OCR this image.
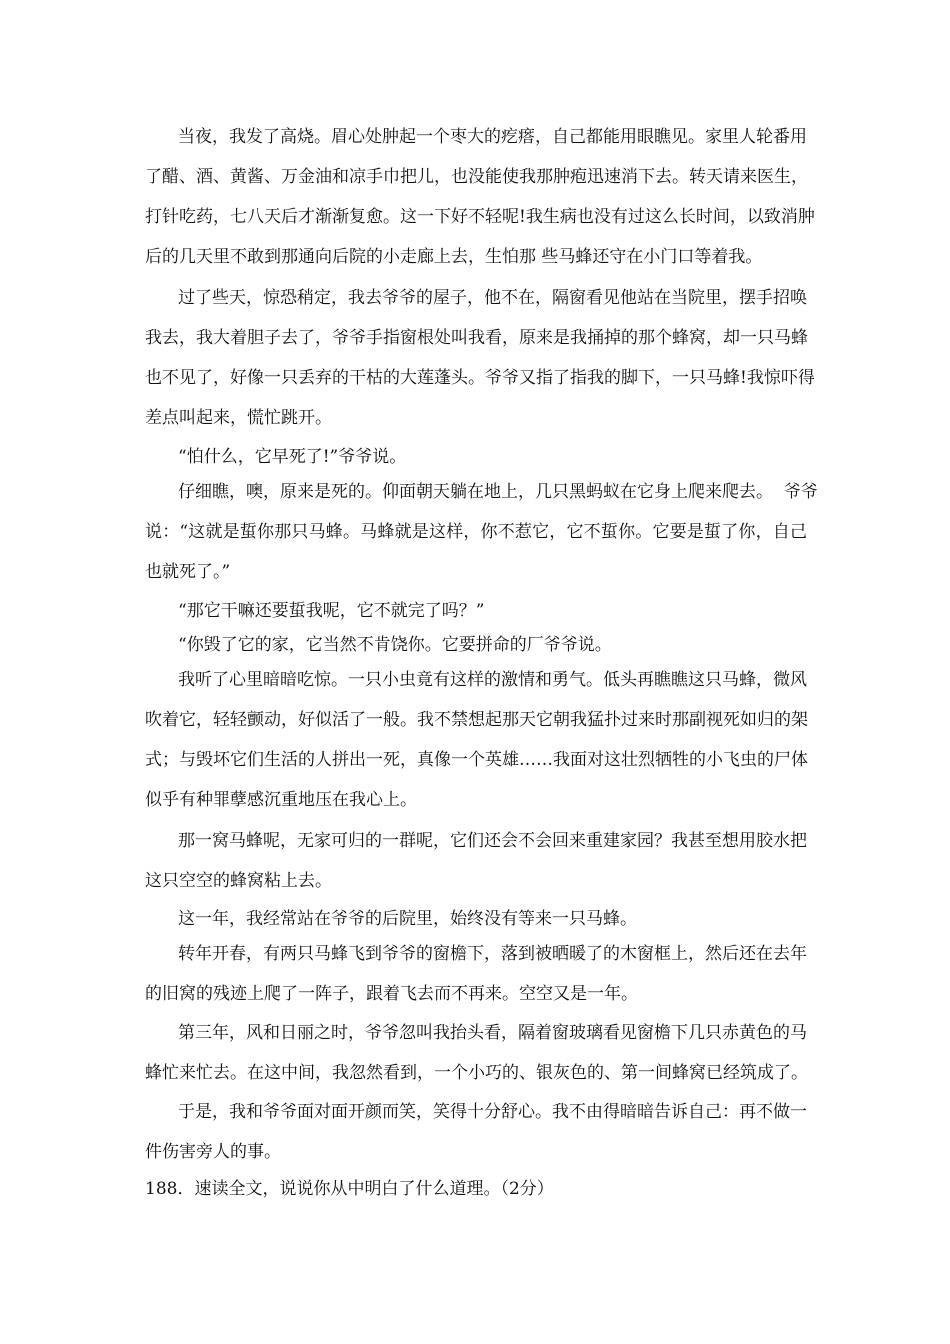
当夜，我发了高烧。眉心处肿起一个枣大的疙瘩，自己都能用眼瞧见。家里人轮番用
了醋、酒、黄酱、万金油和凉手巾把儿，也没能使我那肿疱迅速消下去。转天请来医生，
打针吃药，七八天后才渐渐复愈。这一下好不轻呢!我生病也没有过这么长时间，以致消肿
后的几天里不敢到那通向后院的小走廊上去，生怕那 些马蜂还守在小门口等着我。
过了些天，惊恐稍定，我去爷爷的屋子，他不在，隔窗看见他站在当院里，摆手招唤
我去，我大着胆子去了，爷爷手指窗根处叫我看，原来是我捅掉的那个蜂窝，却一只马蜂
也不见了，好像一只丢弃的干枯的大莲蓬头。爷爷又指了指我的脚下，一只马蜂!我惊吓得
差点叫起来，慌忙跳开。
“怕什么，它早死了!”爷爷说。
仔细瞧，噢，原来是死的。仰面朝天躺在地上，几只黑蚂蚁在它身上爬来爬去。  爷爷
说：“这就是蜇你那只马蜂。马蜂就是这样，你不惹它，它不蜇你。它要是蜇了你，自己
也就死了。”
“那它干嘛还要蜇我呢，它不就完了吗？”
“你毁了它的家，它当然不肯饶你。它要拼命的厂爷爷说。
我听了心里暗暗吃惊。一只小虫竟有这样的激情和勇气。低头再瞧瞧这只马蜂，微风
吹着它，轻轻颤动，好似活了一般。我不禁想起那天它朝我猛扑过来时那副视死如归的架
式；与毁坏它们生活的人拼出一死，真像一个英雄……我面对这壮烈牺牲的小飞虫的尸体
似乎有种罪孽感沉重地压在我心上。
那一窝马蜂呢，无家可归的一群呢，它们还会不会回来重建家园？我甚至想用胶水把
这只空空的蜂窝粘上去。
这一年，我经常站在爷爷的后院里，始终没有等来一只马蜂。
转年开春，有两只马蜂飞到爷爷的窗檐下，落到被晒暖了的木窗框上，然后还在去年
的旧窝的残迹上爬了一阵子，跟着飞去而不再来。空空又是一年。
第三年，风和日丽之时，爷爷忽叫我抬头看，隔着窗玻璃看见窗檐下几只赤黄色的马
蜂忙来忙去。在这中间，我忽然看到，一个小巧的、银灰色的、第一间蜂窝已经筑成了。
于是，我和爷爷面对面开颜而笑，笑得十分舒心。我不由得暗暗告诉自己：再不做一
件伤害旁人的事。
188．速读全文，说说你从中明白了什么道理。（2分）
